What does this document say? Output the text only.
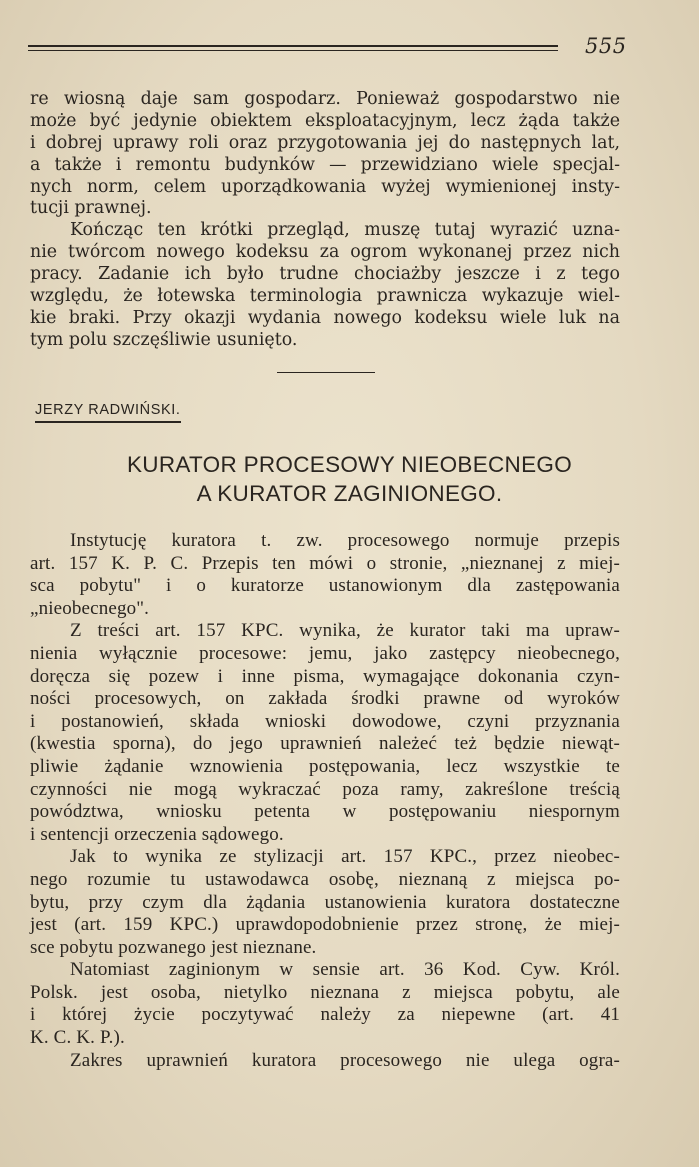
555
re wiosną daje sam gospodarz. Ponieważ gospodarstwo nie
może być jedynie obiektem eksploatacyjnym, lecz żąda także
i dobrej uprawy roli oraz przygotowania jej do następnych lat,
a także i remontu budynków — przewidziano wiele specjal-
nych norm, celem uporządkowania wyżej wymienionej insty-
tucji prawnej.
Kończąc ten krótki przegląd, muszę tutaj wyrazić uzna-
nie twórcom nowego kodeksu za ogrom wykonanej przez nich
pracy. Zadanie ich było trudne chociażby jeszcze i z tego
względu, że łotewska terminologia prawnicza wykazuje wiel-
kie braki. Przy okazji wydania nowego kodeksu wiele luk na
tym polu szczęśliwie usunięto.
JERZY RADWIŃSKI.
KURATOR PROCESOWY NIEOBECNEGO
A KURATOR ZAGINIONEGO.
Instytucję kuratora t. zw. procesowego normuje przepis
art. 157 K. P. C. Przepis ten mówi o stronie, „nieznanej z miej-
sca pobytu" i o kuratorze ustanowionym dla zastępowania
„nieobecnego".
Z treści art. 157 KPC. wynika, że kurator taki ma upraw-
nienia wyłącznie procesowe: jemu, jako zastępcy nieobecnego,
doręcza się pozew i inne pisma, wymagające dokonania czyn-
ności procesowych, on zakłada środki prawne od wyroków
i postanowień, składa wnioski dowodowe, czyni przyznania
(kwestia sporna), do jego uprawnień należeć też będzie niewąt-
pliwie żądanie wznowienia postępowania, lecz wszystkie te
czynności nie mogą wykraczać poza ramy, zakreślone treścią
powództwa, wniosku petenta w postępowaniu niespornym
i sentencji orzeczenia sądowego.
Jak to wynika ze stylizacji art. 157 KPC., przez nieobec-
nego rozumie tu ustawodawca osobę, nieznaną z miejsca po-
bytu, przy czym dla żądania ustanowienia kuratora dostateczne
jest (art. 159 KPC.) uprawdopodobnienie przez stronę, że miej-
sce pobytu pozwanego jest nieznane.
Natomiast zaginionym w sensie art. 36 Kod. Cyw. Król.
Polsk. jest osoba, nietylko nieznana z miejsca pobytu, ale
i której życie poczytywać należy za niepewne (art. 41
K. C. K. P.).
Zakres uprawnień kuratora procesowego nie ulega ogra-
